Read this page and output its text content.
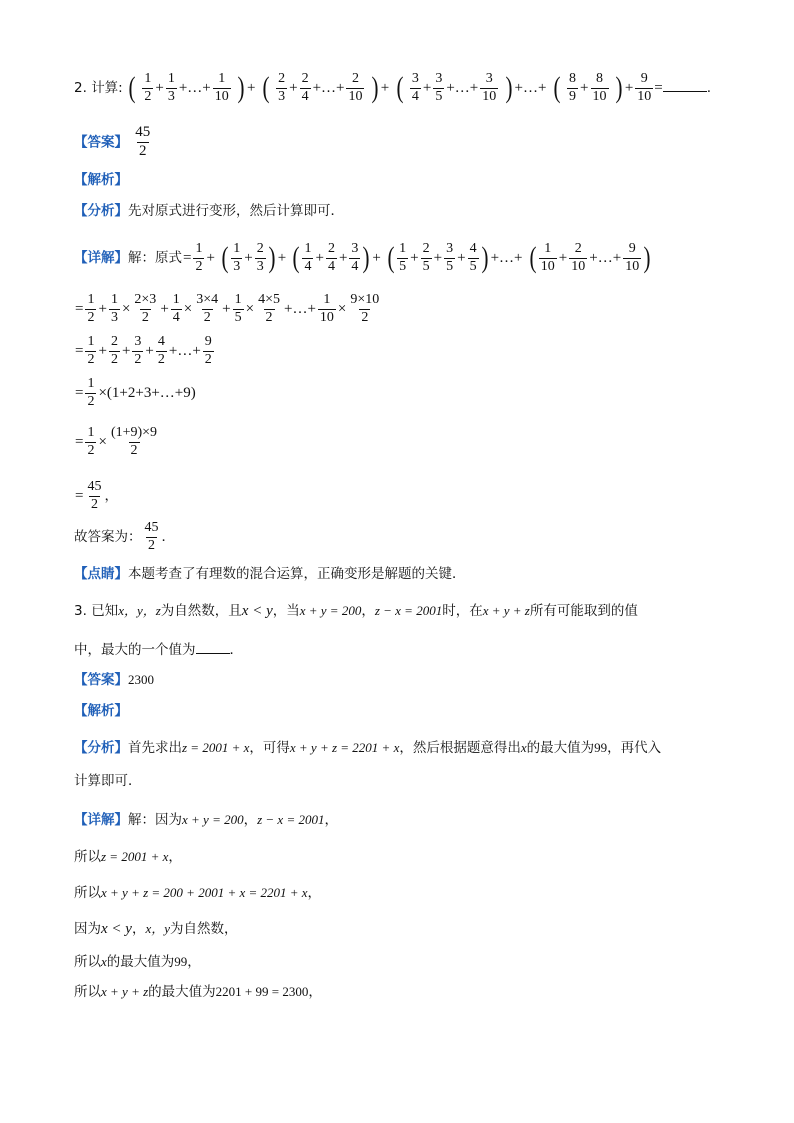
2. 计算: ( $\frac{1}{2} + \frac{1}{3}$ +…+ $\frac{1}{10}$ ) + ( $\frac{2}{3} + \frac{2}{4}$ +…+ $\frac{2}{10}$ ) + ( $\frac{3}{4} + \frac{3}{5}$ +…+ $\frac{3}{10}$ ) +…+ ( $\frac{8}{9} + \frac{8}{10}$ ) + $\frac{9}{10}$ =	.
【答案】 $\frac{45}{2}$
【解析】
【分析】先对原式进行变形，然后计算即可．
【详解】解：原式= $\frac{1}{2}$ + ( $\frac{1}{3} + \frac{2}{3}$ ) + ( $\frac{1}{4} + \frac{2}{4} + \frac{3}{4}$ ) + ( $\frac{1}{5} + \frac{2}{5} + \frac{3}{5} + \frac{4}{5}$ ) +…+ ( $\frac{1}{10} + \frac{2}{10}$ +…+ $\frac{9}{10}$ )
= $\frac{1}{2} + \frac{1}{3} \times \frac{2\times 3}{2} + \frac{1}{4} \times \frac{3\times 4}{2} + \frac{1}{5} \times \frac{4\times 5}{2}$ +…+ $\frac{1}{10} \times \frac{9\times 10}{2}$
= $\frac{1}{2} + \frac{2}{2} + \frac{3}{2} + \frac{4}{2}$ +…+ $\frac{9}{2}$
= $\frac{1}{2}$ ×(1+2+3+…+9)
= $\frac{1}{2} \times \frac{(1+9)\times 9}{2}$
= $\frac{45}{2}$ ，
故答案为： $\frac{45}{2}$ ．
【点睛】本题考查了有理数的混合运算，正确变形是解题的关键．
3. 已知x，y，z为自然数，且x < y，当x + y = 200，z − x = 2001时，在x + y + z所有可能取到的值
中，最大的一个值为	．
【答案】2300
【解析】
【分析】首先求出z = 2001 + x，可得x + y + z = 2201 + x，然后根据题意得出x的最大值为99，再代入
计算即可．
【详解】解：因为x + y = 200，z − x = 2001，
所以z = 2001 + x，
所以x + y + z = 200 + 2001 + x = 2201 + x，
因为x < y，x，y为自然数，
所以x的最大值为99，
所以x + y + z的最大值为2201 + 99 = 2300，
